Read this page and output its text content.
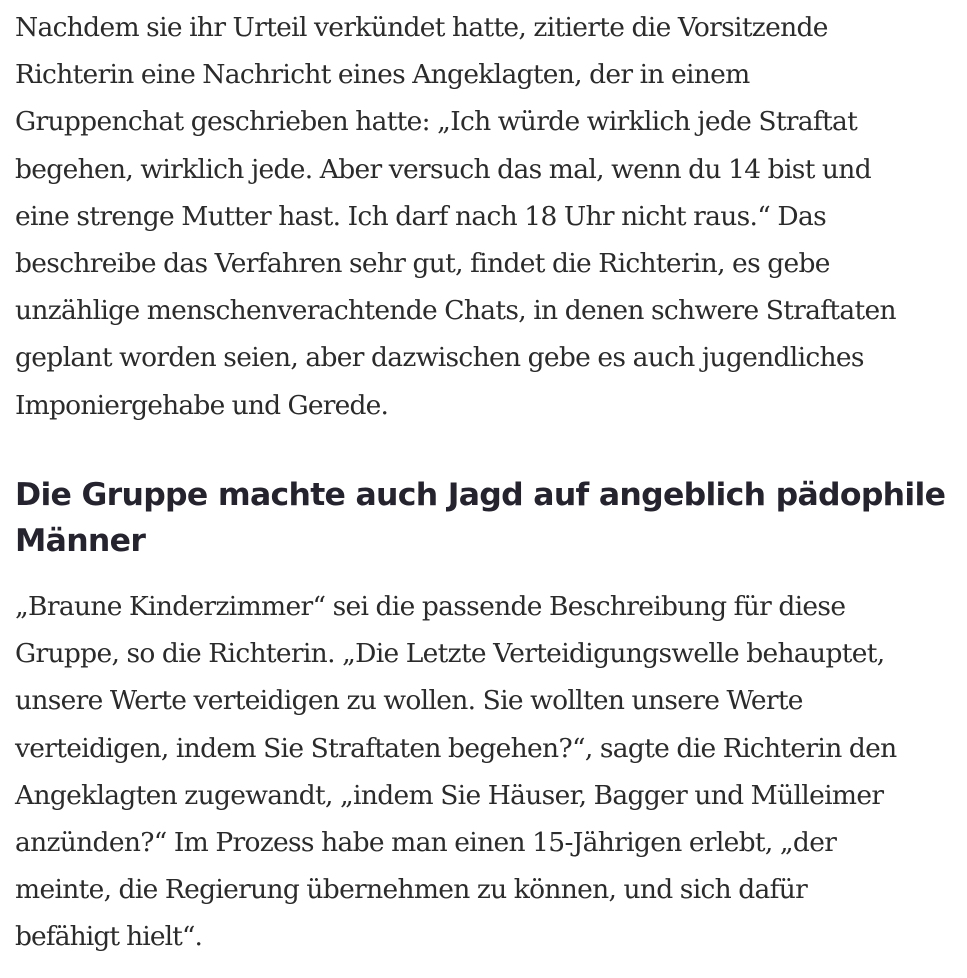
Nachdem sie ihr Urteil verkündet hatte, zitierte die Vorsitzende
Richterin eine Nachricht eines Angeklagten, der in einem
Gruppenchat geschrieben hatte: „Ich würde wirklich jede Straftat
begehen, wirklich jede. Aber versuch das mal, wenn du 14 bist und
eine strenge Mutter hast. Ich darf nach 18 Uhr nicht raus.“ Das
beschreibe das Verfahren sehr gut, findet die Richterin, es gebe
unzählige menschenverachtende Chats, in denen schwere Straftaten
geplant worden seien, aber dazwischen gebe es auch jugendliches
Imponiergehabe und Gerede.

Die Gruppe machte auch Jagd auf angeblich pädophile
Männer

„Braune Kinderzimmer“ sei die passende Beschreibung für diese
Gruppe, so die Richterin. „Die Letzte Verteidigungswelle behauptet,
unsere Werte verteidigen zu wollen. Sie wollten unsere Werte
verteidigen, indem Sie Straftaten begehen?“, sagte die Richterin den
Angeklagten zugewandt, „indem Sie Häuser, Bagger und Mülleimer
anzünden?“ Im Prozess habe man einen 15-Jährigen erlebt, „der
meinte, die Regierung übernehmen zu können, und sich dafür
befähigt hielt“.
